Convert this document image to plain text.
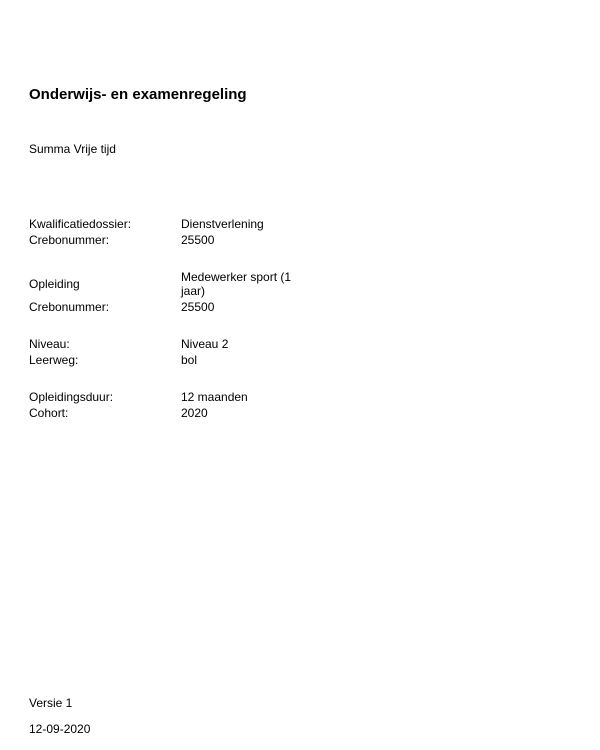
Onderwijs- en examenregeling
Summa Vrije tijd
Kwalificatiedossier:	Dienstverlening
Crebonummer:	25500
Opleiding	Medewerker sport (1 jaar)
Crebonummer:	25500
Niveau:	Niveau 2
Leerweg:	bol
Opleidingsduur:	12 maanden
Cohort:	2020
Versie 1
12-09-2020
